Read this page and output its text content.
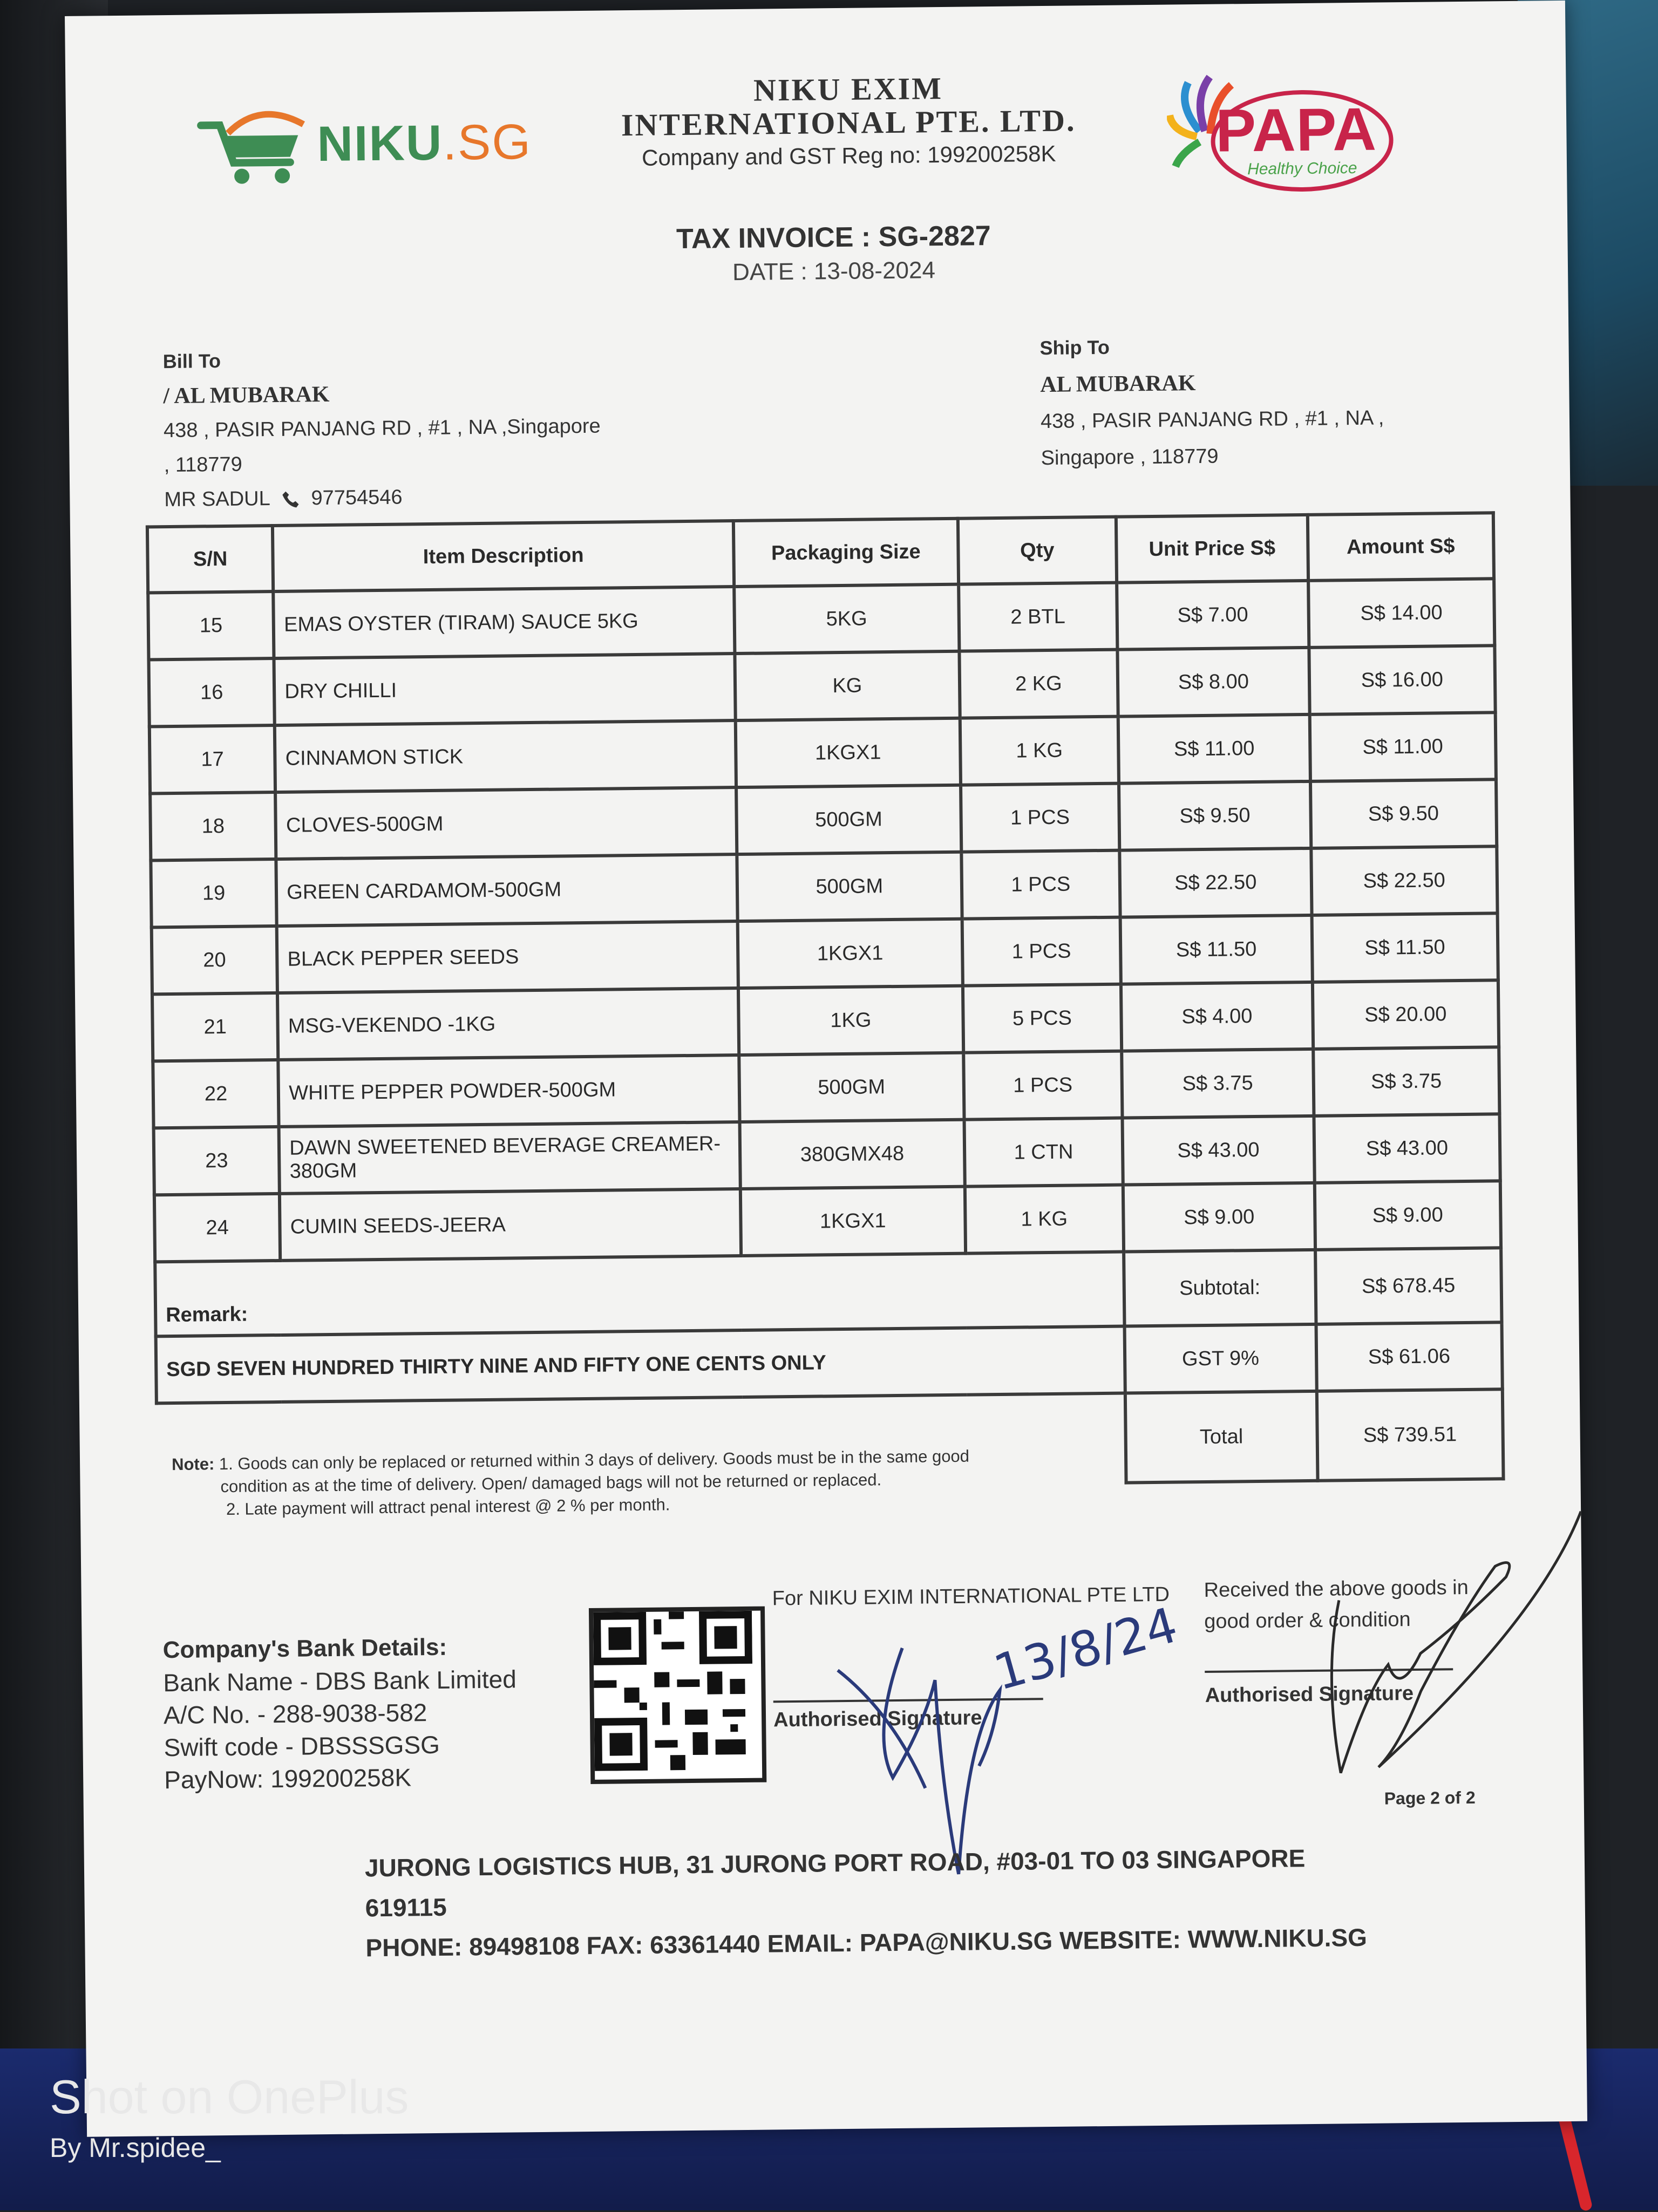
NIKU.SG
NIKU EXIM
INTERNATIONAL PTE. LTD.
Company and GST Reg no: 199200258K	PAPA
Healthy Choice
TAX INVOICE : SG-2827
DATE : 13-08-2024
Bill To
/ AL MUBARAK
438 , PASIR PANJANG RD , #1 , NA ,Singapore
, 118779
MR SADUL 97754546
Ship To
AL MUBARAK
438 , PASIR PANJANG RD , #1 , NA ,
Singapore , 118779
S/N	Item Description	Packaging Size	Qty	Unit Price S$	Amount S$
15	EMAS OYSTER (TIRAM) SAUCE 5KG	5KG	2 BTL	S$ 7.00	S$ 14.00
16	DRY CHILLI	KG	2 KG	S$ 8.00	S$ 16.00
17	CINNAMON STICK	1KGX1	1 KG	S$ 11.00	S$ 11.00
18	CLOVES-500GM	500GM	1 PCS	S$ 9.50	S$ 9.50
19	GREEN CARDAMOM-500GM	500GM	1 PCS	S$ 22.50	S$ 22.50
20	BLACK PEPPER SEEDS	1KGX1	1 PCS	S$ 11.50	S$ 11.50
21	MSG-VEKENDO -1KG	1KG	5 PCS	S$ 4.00	S$ 20.00
22	WHITE PEPPER POWDER-500GM	500GM	1 PCS	S$ 3.75	S$ 3.75
23	DAWN SWEETENED BEVERAGE CREAMER-380GM	380GMX48	1 CTN	S$ 43.00	S$ 43.00
24	CUMIN SEEDS-JEERA	1KGX1	1 KG	S$ 9.00	S$ 9.00
Remark:				Subtotal:	S$ 678.45
SGD SEVEN HUNDRED THIRTY NINE AND FIFTY ONE CENTS ONLY				GST 9%	S$ 61.06
				Total	S$ 739.51
Note: 1. Goods can only be replaced or returned within 3 days of delivery. Goods must be in the same good
condition as at the time of delivery. Open/ damaged bags will not be returned or replaced.
2. Late payment will attract penal interest @ 2 % per month.
Company's Bank Details:
Bank Name - DBS Bank Limited
A/C No. - 288-9038-582
Swift code - DBSSSGSG
PayNow: 199200258K
For NIKU EXIM INTERNATIONAL PTE LTD
Authorised Signature
Received the above goods in good order & condition
Authorised Signature
Page 2 of 2
13/8/24
JURONG LOGISTICS HUB, 31 JURONG PORT ROAD, #03-01 TO 03 SINGAPORE 619115
PHONE: 89498108 FAX: 63361440 EMAIL: PAPA@NIKU.SG WEBSITE: WWW.NIKU.SG
Shot on OnePlus
By Mr.spidee_
